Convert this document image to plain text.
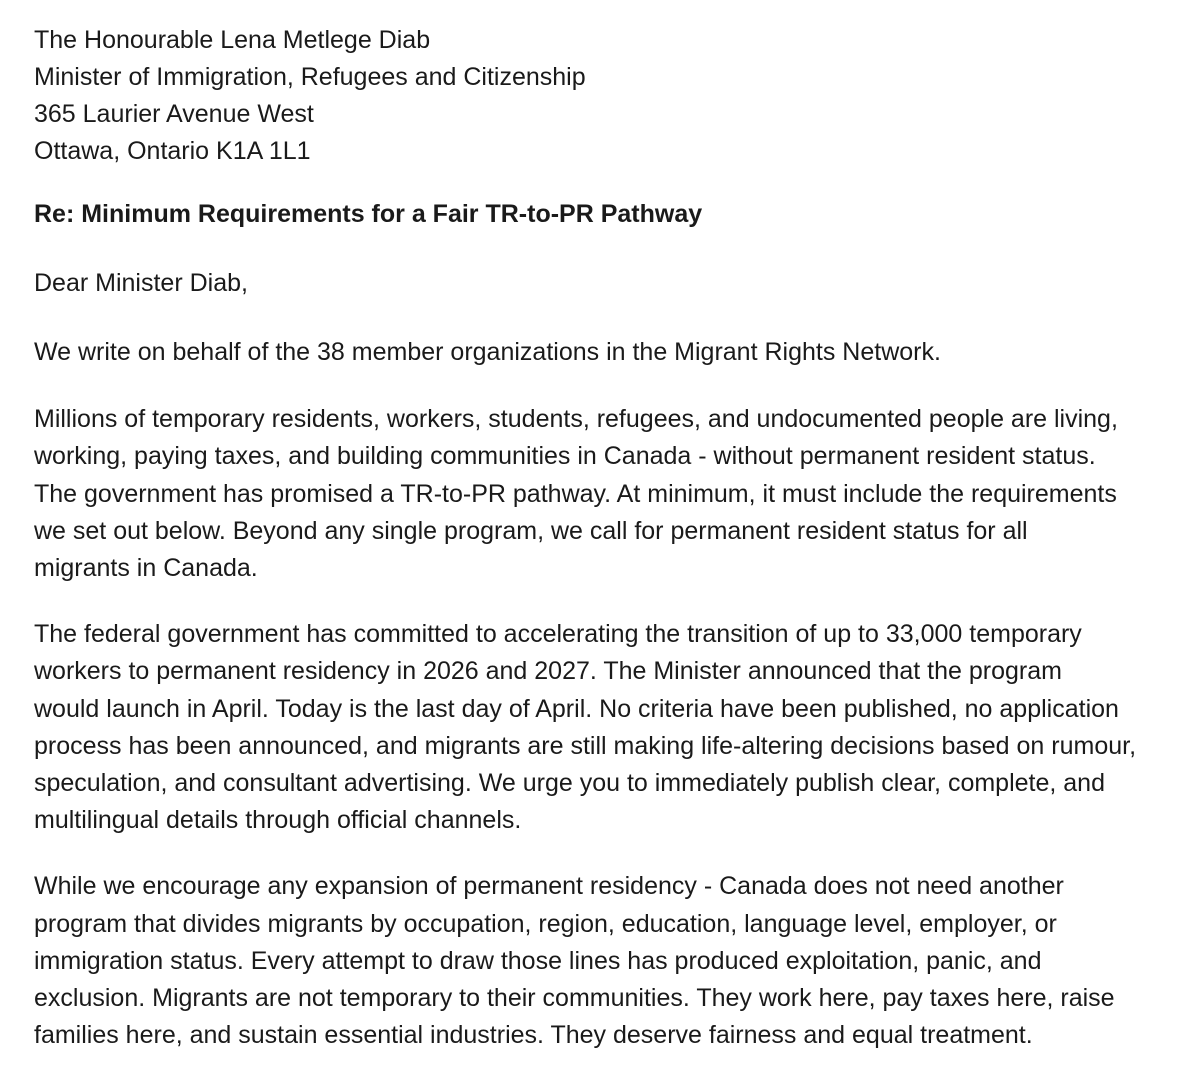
The Honourable Lena Metlege Diab
Minister of Immigration, Refugees and Citizenship
365 Laurier Avenue West
Ottawa, Ontario K1A 1L1

Re: Minimum Requirements for a Fair TR-to-PR Pathway

Dear Minister Diab,

We write on behalf of the 38 member organizations in the Migrant Rights Network.

Millions of temporary residents, workers, students, refugees, and undocumented people are living,
working, paying taxes, and building communities in Canada - without permanent resident status.
The government has promised a TR-to-PR pathway. At minimum, it must include the requirements
we set out below. Beyond any single program, we call for permanent resident status for all
migrants in Canada.

The federal government has committed to accelerating the transition of up to 33,000 temporary
workers to permanent residency in 2026 and 2027. The Minister announced that the program
would launch in April. Today is the last day of April. No criteria have been published, no application
process has been announced, and migrants are still making life-altering decisions based on rumour,
speculation, and consultant advertising. We urge you to immediately publish clear, complete, and
multilingual details through official channels.

While we encourage any expansion of permanent residency - Canada does not need another
program that divides migrants by occupation, region, education, language level, employer, or
immigration status. Every attempt to draw those lines has produced exploitation, panic, and
exclusion. Migrants are not temporary to their communities. They work here, pay taxes here, raise
families here, and sustain essential industries. They deserve fairness and equal treatment.
